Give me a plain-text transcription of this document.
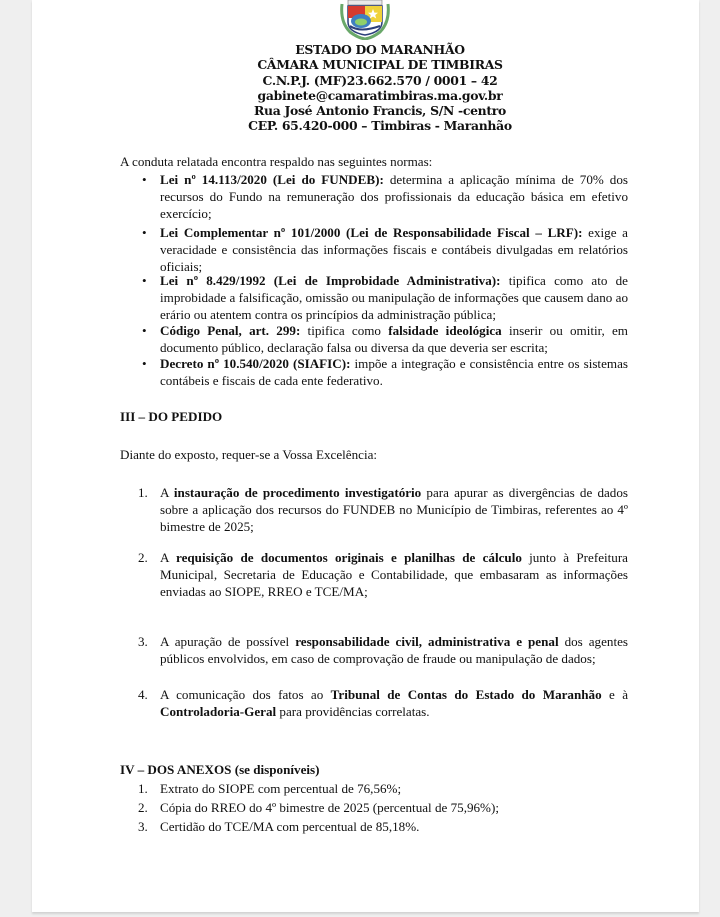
ESTADO DO MARANHÃO
CÂMARA MUNICIPAL DE TIMBIRAS
C.N.P.J. (MF)23.662.570 / 0001 – 42
gabinete@camaratimbiras.ma.gov.br
Rua José Antonio Francis, S/N -centro
CEP. 65.420-000 – Timbiras - Maranhão
A conduta relatada encontra respaldo nas seguintes normas:
• Lei nº 14.113/2020 (Lei do FUNDEB): determina a aplicação mínima de 70% dos recursos do Fundo na remuneração dos profissionais da educação básica em efetivo exercício;
• Lei Complementar nº 101/2000 (Lei de Responsabilidade Fiscal – LRF): exige a veracidade e consistência das informações fiscais e contábeis divulgadas em relatórios oficiais;
• Lei nº 8.429/1992 (Lei de Improbidade Administrativa): tipifica como ato de improbidade a falsificação, omissão ou manipulação de informações que causem dano ao erário ou atentem contra os princípios da administração pública;
• Código Penal, art. 299: tipifica como falsidade ideológica inserir ou omitir, em documento público, declaração falsa ou diversa da que deveria ser escrita;
• Decreto nº 10.540/2020 (SIAFIC): impõe a integração e consistência entre os sistemas contábeis e fiscais de cada ente federativo.
III – DO PEDIDO
Diante do exposto, requer-se a Vossa Excelência:
1. A instauração de procedimento investigatório para apurar as divergências de dados sobre a aplicação dos recursos do FUNDEB no Município de Timbiras, referentes ao 4º bimestre de 2025;
2. A requisição de documentos originais e planilhas de cálculo junto à Prefeitura Municipal, Secretaria de Educação e Contabilidade, que embasaram as informações enviadas ao SIOPE, RREO e TCE/MA;
3. A apuração de possível responsabilidade civil, administrativa e penal dos agentes públicos envolvidos, em caso de comprovação de fraude ou manipulação de dados;
4. A comunicação dos fatos ao Tribunal de Contas do Estado do Maranhão e à Controladoria-Geral para providências correlatas.
IV – DOS ANEXOS (se disponíveis)
1. Extrato do SIOPE com percentual de 76,56%;
2. Cópia do RREO do 4º bimestre de 2025 (percentual de 75,96%);
3. Certidão do TCE/MA com percentual de 85,18%.
